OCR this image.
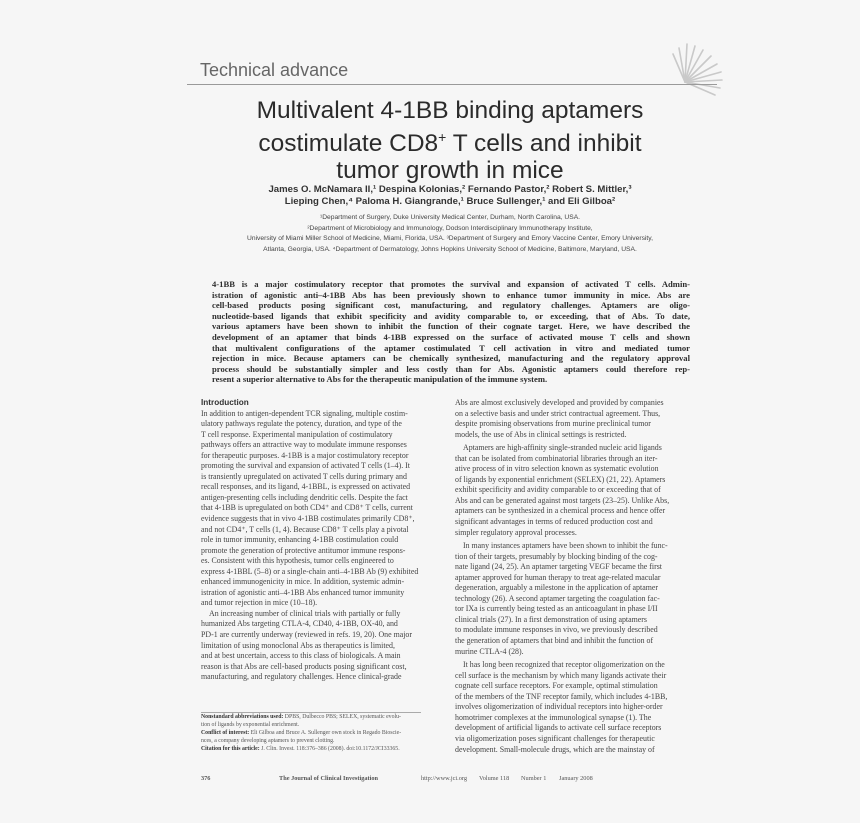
Technical advance
Multivalent 4-1BB binding aptamers
costimulate CD8+ T cells and inhibit
tumor growth in mice
James O. McNamara II,¹ Despina Kolonias,² Fernando Pastor,² Robert S. Mittler,³
Lieping Chen,⁴ Paloma H. Giangrande,¹ Bruce Sullenger,¹ and Eli Gilboa²
¹Department of Surgery, Duke University Medical Center, Durham, North Carolina, USA.
²Department of Microbiology and Immunology, Dodson Interdisciplinary Immunotherapy Institute,
University of Miami Miller School of Medicine, Miami, Florida, USA. ³Department of Surgery and Emory Vaccine Center, Emory University,
Atlanta, Georgia, USA. ⁴Department of Dermatology, Johns Hopkins University School of Medicine, Baltimore, Maryland, USA.
4-1BB is a major costimulatory receptor that promotes the survival and expansion of activated T cells. Admin-
istration of agonistic anti–4-1BB Abs has been previously shown to enhance tumor immunity in mice. Abs are
cell-based products posing significant cost, manufacturing, and regulatory challenges. Aptamers are oligo-
nucleotide-based ligands that exhibit specificity and avidity comparable to, or exceeding, that of Abs. To date,
various aptamers have been shown to inhibit the function of their cognate target. Here, we have described the
development of an aptamer that binds 4-1BB expressed on the surface of activated mouse T cells and shown
that multivalent configurations of the aptamer costimulated T cell activation in vitro and mediated tumor
rejection in mice. Because aptamers can be chemically synthesized, manufacturing and the regulatory approval
process should be substantially simpler and less costly than for Abs. Agonistic aptamers could therefore rep-
resent a superior alternative to Abs for the therapeutic manipulation of the immune system.
Introduction
In addition to antigen-dependent TCR signaling, multiple costim-
ulatory pathways regulate the potency, duration, and type of the
T cell response. Experimental manipulation of costimulatory
pathways offers an attractive way to modulate immune responses
for therapeutic purposes. 4-1BB is a major costimulatory receptor
promoting the survival and expansion of activated T cells (1–4). It
is transiently upregulated on activated T cells during primary and
recall responses, and its ligand, 4-1BBL, is expressed on activated
antigen-presenting cells including dendritic cells. Despite the fact
that 4-1BB is upregulated on both CD4⁺ and CD8⁺ T cells, current
evidence suggests that in vivo 4-1BB costimulates primarily CD8⁺,
and not CD4⁺, T cells (1, 4). Because CD8⁺ T cells play a pivotal
role in tumor immunity, enhancing 4-1BB costimulation could
promote the generation of protective antitumor immune respons-
es. Consistent with this hypothesis, tumor cells engineered to
express 4-1BBL (5–8) or a single-chain anti–4-1BB Ab (9) exhibited
enhanced immunogenicity in mice. In addition, systemic admin-
istration of agonistic anti–4-1BB Abs enhanced tumor immunity
and tumor rejection in mice (10–18).
An increasing number of clinical trials with partially or fully
humanized Abs targeting CTLA-4, CD40, 4-1BB, OX-40, and
PD-1 are currently underway (reviewed in refs. 19, 20). One major
limitation of using monoclonal Abs as therapeutics is limited,
and at best uncertain, access to this class of biologicals. A main
reason is that Abs are cell-based products posing significant cost,
manufacturing, and regulatory challenges. Hence clinical-grade
Abs are almost exclusively developed and provided by companies
on a selective basis and under strict contractual agreement. Thus,
despite promising observations from murine preclinical tumor
models, the use of Abs in clinical settings is restricted.
Aptamers are high-affinity single-stranded nucleic acid ligands
that can be isolated from combinatorial libraries through an iter-
ative process of in vitro selection known as systematic evolution
of ligands by exponential enrichment (SELEX) (21, 22). Aptamers
exhibit specificity and avidity comparable to or exceeding that of
Abs and can be generated against most targets (23–25). Unlike Abs,
aptamers can be synthesized in a chemical process and hence offer
significant advantages in terms of reduced production cost and
simpler regulatory approval processes.
In many instances aptamers have been shown to inhibit the func-
tion of their targets, presumably by blocking binding of the cog-
nate ligand (24, 25). An aptamer targeting VEGF became the first
aptamer approved for human therapy to treat age-related macular
degeneration, arguably a milestone in the application of aptamer
technology (26). A second aptamer targeting the coagulation fac-
tor IXa is currently being tested as an anticoagulant in phase I/II
clinical trials (27). In a first demonstration of using aptamers
to modulate immune responses in vivo, we previously described
the generation of aptamers that bind and inhibit the function of
murine CTLA-4 (28).
It has long been recognized that receptor oligomerization on the
cell surface is the mechanism by which many ligands activate their
cognate cell surface receptors. For example, optimal stimulation
of the members of the TNF receptor family, which includes 4-1BB,
involves oligomerization of individual receptors into higher-order
homotrimer complexes at the immunological synapse (1). The
development of artificial ligands to activate cell surface receptors
via oligomerization poses significant challenges for therapeutic
development. Small-molecule drugs, which are the mainstay of
Nonstandard abbreviations used: DPBS, Dulbecco PBS; SELEX, systematic evolu-
tion of ligands by exponential enrichment.
Conflict of interest: Eli Gilboa and Bruce A. Sullenger own stock in Regado Bioscie-
nces, a company developing aptamers to prevent clotting.
Citation for this article: J. Clin. Invest. 118:376–386 (2008). doi:10.1172/JCI33365.
376	The Journal of Clinical Investigation	http://www.jci.org Volume 118 Number 1 January 2008
